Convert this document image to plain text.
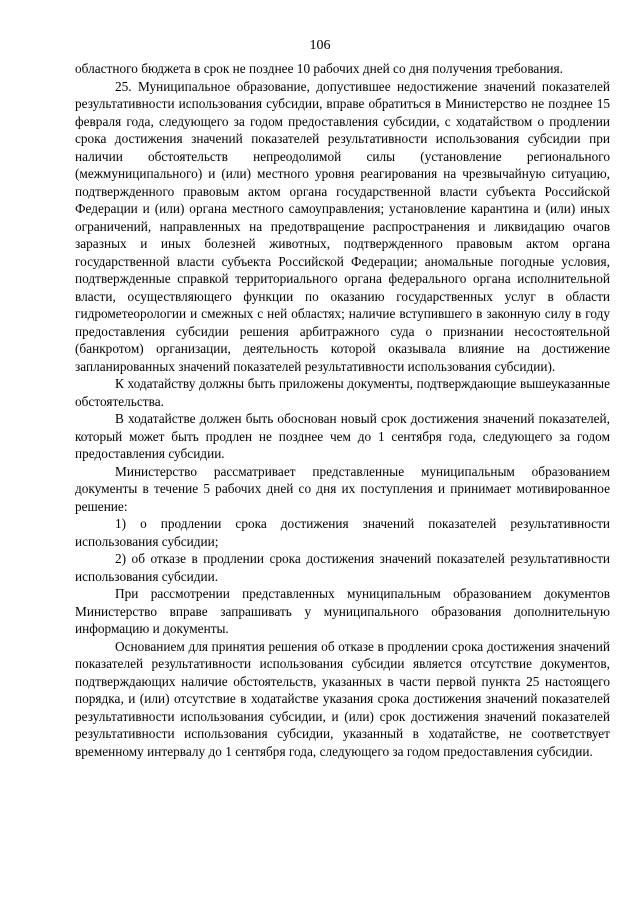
106

областного бюджета в срок не позднее 10 рабочих дней со дня получения требования.

25. Муниципальное образование, допустившее недостижение значений показателей результативности использования субсидии, вправе обратиться в Министерство не позднее 15 февраля года, следующего за годом предоставления субсидии, с ходатайством о продлении срока достижения значений показателей результативности использования субсидии при наличии обстоятельств непреодолимой силы (установление регионального (межмуниципального) и (или) местного уровня реагирования на чрезвычайную ситуацию, подтвержденного правовым актом органа государственной власти субъекта Российской Федерации и (или) органа местного самоуправления; установление карантина и (или) иных ограничений, направленных на предотвращение распространения и ликвидацию очагов заразных и иных болезней животных, подтвержденного правовым актом органа государственной власти субъекта Российской Федерации; аномальные погодные условия, подтвержденные справкой территориального органа федерального органа исполнительной власти, осуществляющего функции по оказанию государственных услуг в области гидрометеорологии и смежных с ней областях; наличие вступившего в законную силу в году предоставления субсидии решения арбитражного суда о признании несостоятельной (банкротом) организации, деятельность которой оказывала влияние на достижение запланированных значений показателей результативности использования субсидии).

К ходатайству должны быть приложены документы, подтверждающие вышеуказанные обстоятельства.

В ходатайстве должен быть обоснован новый срок достижения значений показателей, который может быть продлен не позднее чем до 1 сентября года, следующего за годом предоставления субсидии.

Министерство рассматривает представленные муниципальным образованием документы в течение 5 рабочих дней со дня их поступления и принимает мотивированное решение:

1) о продлении срока достижения значений показателей результативности использования субсидии;

2) об отказе в продлении срока достижения значений показателей результативности использования субсидии.

При рассмотрении представленных муниципальным образованием документов Министерство вправе запрашивать у муниципального образования дополнительную информацию и документы.

Основанием для принятия решения об отказе в продлении срока достижения значений показателей результативности использования субсидии является отсутствие документов, подтверждающих наличие обстоятельств, указанных в части первой пункта 25 настоящего порядка, и (или) отсутствие в ходатайстве указания срока достижения значений показателей результативности использования субсидии, и (или) срок достижения значений показателей результативности использования субсидии, указанный в ходатайстве, не соответствует временному интервалу до 1 сентября года, следующего за годом предоставления субсидии.
